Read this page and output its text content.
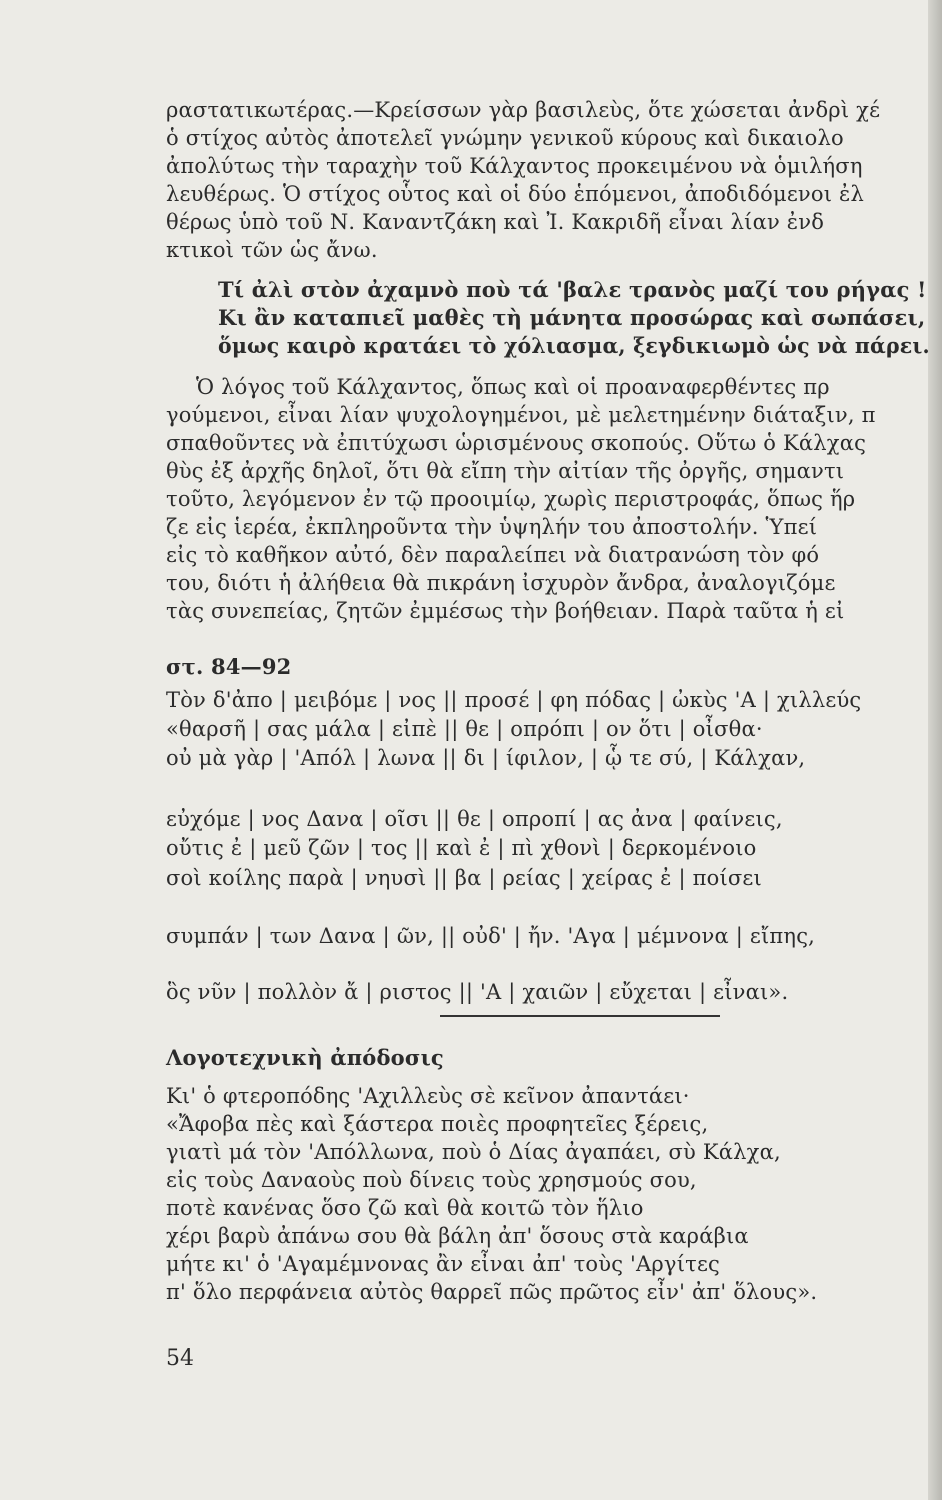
ραστατικωτέρας.—Κρείσσων γὰρ βασιλεὺς, ὅτε χώσεται ἀνδρὶ χέ
ὁ στίχος αὐτὸς ἀποτελεῖ γνώμην γενικοῦ κύρους καὶ δικαιολο
ἀπολύτως τὴν ταραχὴν τοῦ Κάλχαντος προκειμένου νὰ ὁμιλήση
λευθέρως. Ὁ στίχος οὗτος καὶ οἱ δύο ἑπόμενοι, ἀποδιδόμενοι ἐλ
θέρως ὑπὸ τοῦ Ν. Καναντζάκη καὶ Ἰ. Κακριδῆ εἶναι λίαν ἐνδ
κτικοὶ τῶν ὡς ἄνω.
Τί ἀλὶ στὸν ἀχαμνὸ ποὺ τά 'βαλε τρανὸς μαζί του ρήγας !
Κι ἂν καταπιεῖ μαθὲς τὴ μάνητα προσώρας καὶ σωπάσει,
ὅμως καιρὸ κρατάει τὸ χόλιασμα, ξεγδικιωμὸ ὡς νὰ πάρει.
Ὁ λόγος τοῦ Κάλχαντος, ὅπως καὶ οἱ προαναφερθέντες πρ
γούμενοι, εἶναι λίαν ψυχολογημένοι, μὲ μελετημένην διάταξιν, π
σπαθοῦντες νὰ ἐπιτύχωσι ὡρισμένους σκοπούς. Οὕτω ὁ Κάλχας
θὺς ἐξ ἀρχῆς δηλοῖ, ὅτι θὰ εἴπη τὴν αἰτίαν τῆς ὀργῆς, σημαντι
τοῦτο, λεγόμενον ἐν τῷ προοιμίῳ, χωρὶς περιστροφάς, ὅπως ἥρ
ζε εἰς ἱερέα, ἐκπληροῦντα τὴν ὑψηλήν του ἀποστολήν. Ὑπεί
εἰς τὸ καθῆκον αὐτό, δὲν παραλείπει νὰ διατρανώση τὸν φό
του, διότι ἡ ἀλήθεια θὰ πικράνη ἰσχυρὸν ἄνδρα, ἀναλογιζόμε
τὰς συνεπείας, ζητῶν ἐμμέσως τὴν βοήθειαν. Παρὰ ταῦτα ἡ εἰ
στ. 84—92
Τὸν δ'ἀπο | μειβόμε | νος || προσέ | φη πόδας | ὠκὺς 'Α | χιλλεύς
«θαρσῆ | σας μάλα | εἰπὲ || θε | οπρόπι | ον ὅτι | οἶσθα·
οὐ μὰ γὰρ | 'Απόλ | λωνα || δι | ίφιλον, | ᾧ τε σύ, | Κάλχαν,
εὐχόμε | νος Δανα | οῖσι || θε | οπροπί | ας ἀνα | φαίνεις,
οὔτις ἐ | μεῦ ζῶν | τος || καὶ ἐ | πὶ χθονὶ | δερκομένοιο
σοὶ κοίλης παρὰ | νηυσὶ || βα | ρείας | χείρας ἐ | ποίσει
συμπάν | των Δανα | ῶν, || οὐδ' | ἤν. 'Αγα | μέμνονα | εἴπης,
ὃς νῦν | πολλὸν ἄ | ριστος || 'Α | χαιῶν | εὔχεται | εἶναι».
Λογοτεχνικὴ ἀπόδοσις
Κι' ὁ φτεροπόδης 'Αχιλλεὺς σὲ κεῖνον ἀπαντάει·
«Ἄφοβα πὲς καὶ ξάστερα ποιὲς προφητεῖες ξέρεις,
γιατὶ μά τὸν 'Απόλλωνα, ποὺ ὁ Δίας ἀγαπάει, σὺ Κάλχα,
εἰς τοὺς Δαναοὺς ποὺ δίνεις τοὺς χρησμούς σου,
ποτὲ κανένας ὅσο ζῶ καὶ θὰ κοιτῶ τὸν ἥλιο
χέρι βαρὺ ἀπάνω σου θὰ βάλη ἀπ' ὅσους στὰ καράβια
μήτε κι' ὁ 'Αγαμέμνονας ἂν εἶναι ἀπ' τοὺς 'Αργίτες
π' ὅλο περφάνεια αὐτὸς θαρρεῖ πῶς πρῶτος εἶν' ἀπ' ὅλους».
54
